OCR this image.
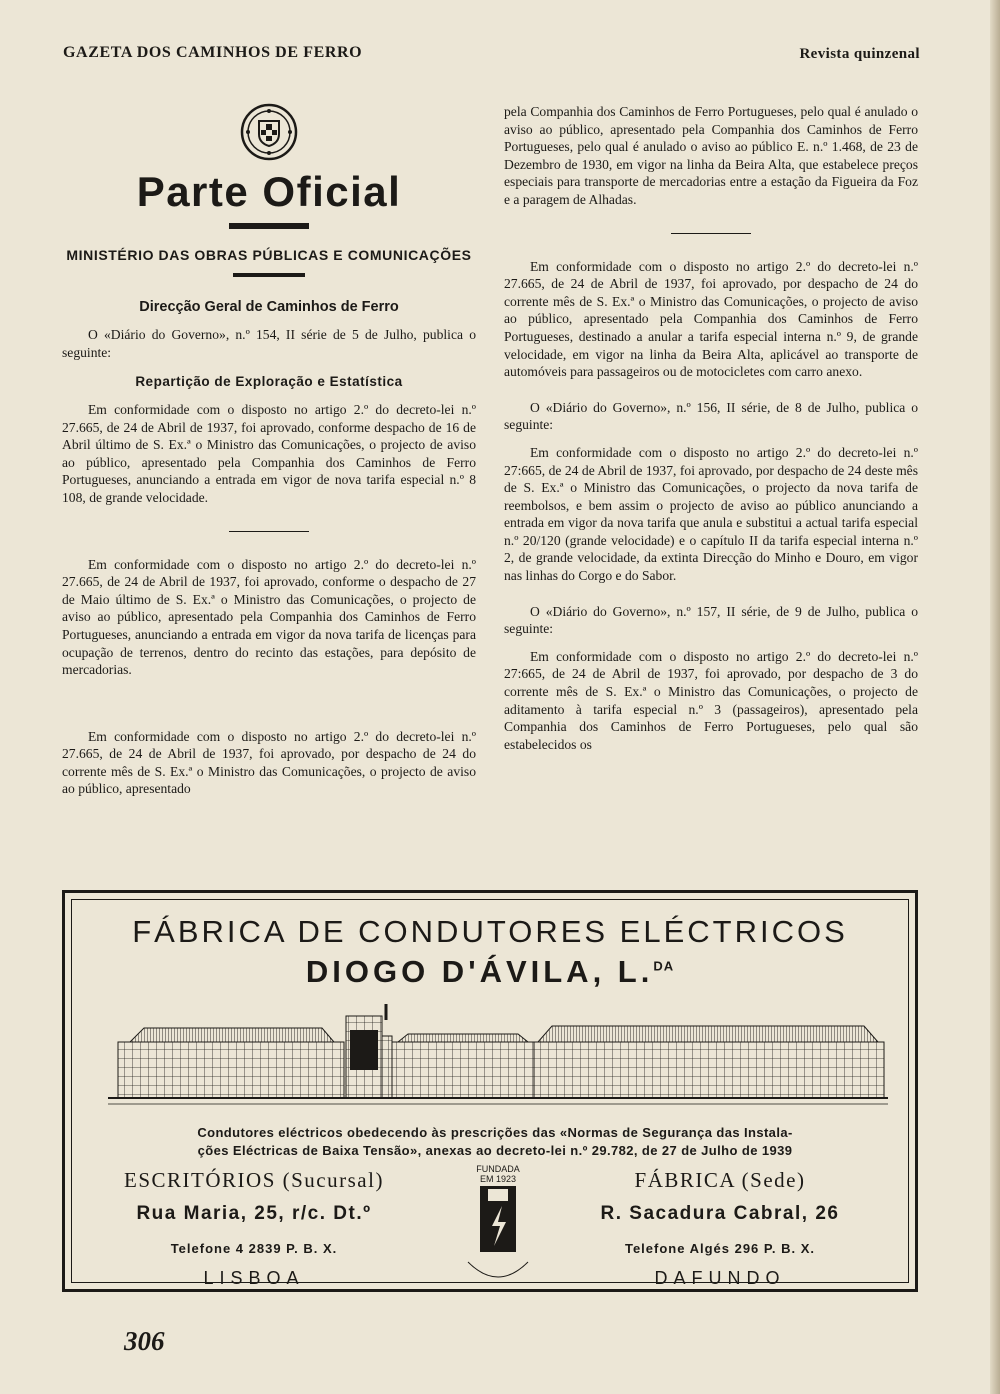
GAZETA DOS CAMINHOS DE FERRO	Revista quinzenal
Parte Oficial
MINISTÉRIO DAS OBRAS PÚBLICAS E COMUNICAÇÕES
Direcção Geral de Caminhos de Ferro

O «Diário do Governo», n.º 154, II série de 5 de Julho, publica o seguinte:

Repartição de Exploração e Estatística

Em conformidade com o disposto no artigo 2.º do decreto-lei n.º 27.665, de 24 de Abril de 1937, foi aprovado, conforme despacho de 16 de Abril último de S. Ex.ª o Ministro das Comunicações, o projecto de aviso ao público, apresentado pela Companhia dos Caminhos de Ferro Portugueses, anunciando a entrada em vigor de nova tarifa especial n.º 8 108, de grande velocidade.

Em conformidade com o disposto no artigo 2.º do decreto-lei n.º 27.665, de 24 de Abril de 1937, foi aprovado, conforme o despacho de 27 de Maio último de S. Ex.ª o Ministro das Comunicações, o projecto de aviso ao público, apresentado pela Companhia dos Caminhos de Ferro Portugueses, anunciando a entrada em vigor da nova tarifa de licenças para ocupação de terrenos, dentro do recinto das estações, para depósito de mercadorias.

Em conformidade com o disposto no artigo 2.º do decreto-lei n.º 27.665, de 24 de Abril de 1937, foi aprovado, por despacho de 24 do corrente mês de S. Ex.ª o Ministro das Comunicações, o projecto de aviso ao público, apresentado

pela Companhia dos Caminhos de Ferro Portugueses, pelo qual é anulado o aviso ao público, apresentado pela Companhia dos Caminhos de Ferro Portugueses, pelo qual é anulado o aviso ao público E. n.º 1.468, de 23 de Dezembro de 1930, em vigor na linha da Beira Alta, que estabelece preços especiais para transporte de mercadorias entre a estação da Figueira da Foz e a paragem de Alhadas.

Em conformidade com o disposto no artigo 2.º do decreto-lei n.º 27.665, de 24 de Abril de 1937, foi aprovado, por despacho de 24 do corrente mês de S. Ex.ª o Ministro das Comunicações, o projecto de aviso ao público, apresentado pela Companhia dos Caminhos de Ferro Portugueses, destinado a anular a tarifa especial interna n.º 9, de grande velocidade, em vigor na linha da Beira Alta, aplicável ao transporte de automóveis para passageiros ou de motocicletes com carro anexo.

O «Diário do Governo», n.º 156, II série, de 8 de Julho, publica o seguinte:

Em conformidade com o disposto no artigo 2.º do decreto-lei n.º 27:665, de 24 de Abril de 1937, foi aprovado, por despacho de 24 deste mês de S. Ex.ª o Ministro das Comunicações, o projecto da nova tarifa de reembolsos, e bem assim o projecto de aviso ao público anunciando a entrada em vigor da nova tarifa que anula e substitui a actual tarifa especial n.º 20/120 (grande velocidade) e o capítulo II da tarifa especial interna n.º 2, de grande velocidade, da extinta Direcção do Minho e Douro, em vigor nas linhas do Corgo e do Sabor.

O «Diário do Governo», n.º 157, II série, de 9 de Julho, publica o seguinte:

Em conformidade com o disposto no artigo 2.º do decreto-lei n.º 27:665, de 24 de Abril de 1937, foi aprovado, por despacho de 3 do corrente mês de S. Ex.ª o Ministro das Comunicações, o projecto de aditamento à tarifa especial n.º 3 (passageiros), apresentado pela Companhia dos Caminhos de Ferro Portugueses, pelo qual são estabelecidos os

FÁBRICA DE CONDUTORES ELÉCTRICOS
DIOGO D'ÁVILA, L.$^{DA}$
Condutores eléctricos obedecendo às prescrições das «Normas de Segurança das Instala-
ções Eléctricas de Baixa Tensão», anexas ao decreto-lei n.º 29.782, de 27 de Julho de 1939
ESCRITÓRIOS (Sucursal)
Rua Maria, 25, r/c. Dt.º
Telefone 4 2839 P. B. X.
LISBOA
FUNDADA
EM 1923	FÁBRICA (Sede)
R. Sacadura Cabral, 26
Telefone Algés 296 P. B. X.
DAFUNDO
306
